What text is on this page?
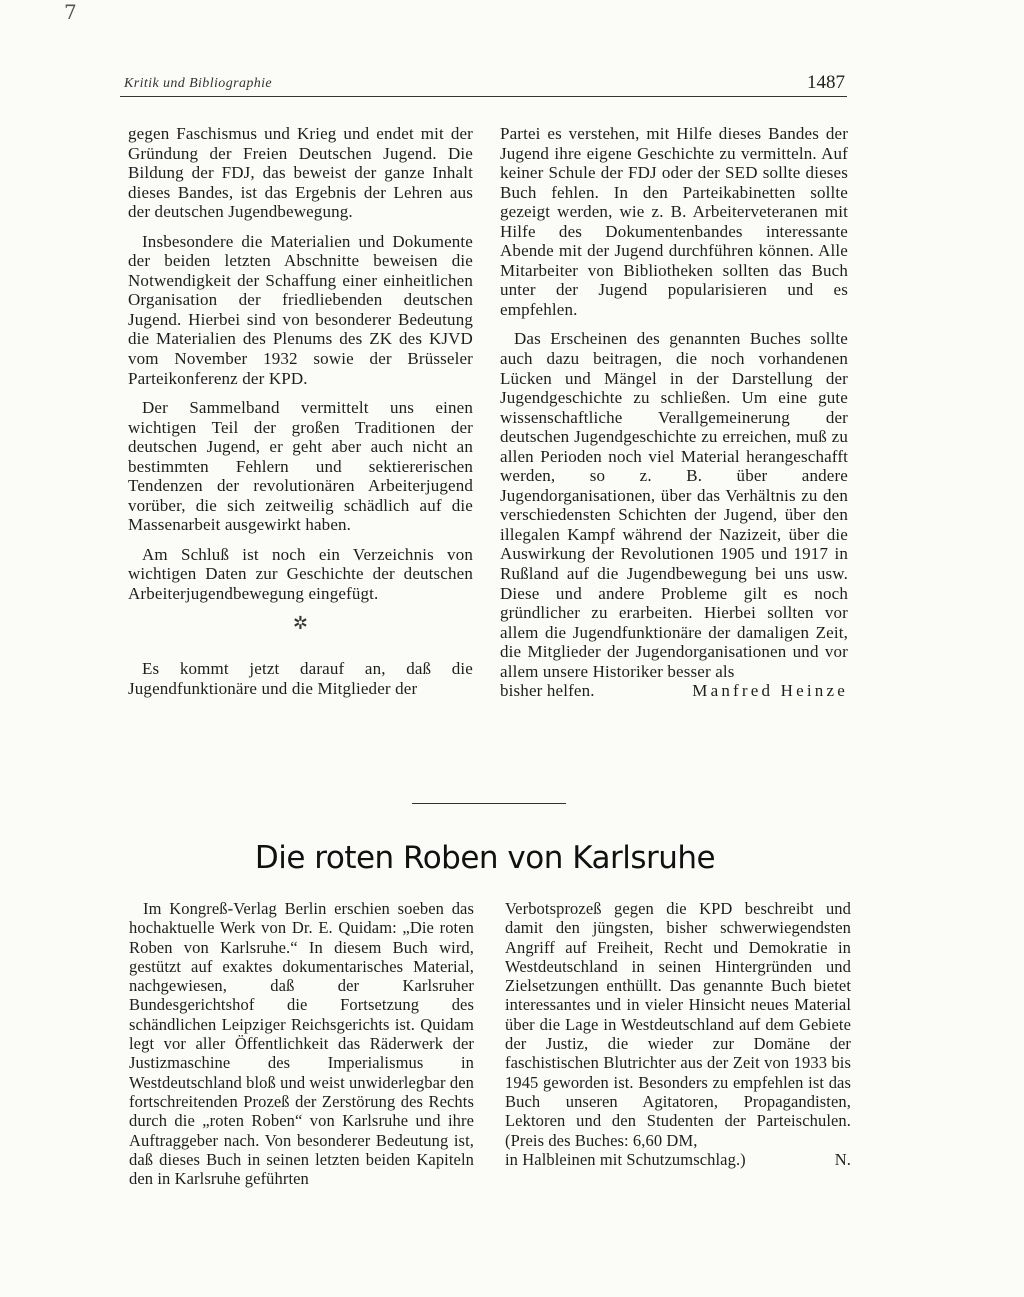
7
Kritik und Bibliographie	1487

gegen Faschismus und Krieg und endet mit der Gründung der Freien Deutschen Jugend. Die Bildung der FDJ, das beweist der ganze Inhalt dieses Bandes, ist das Ergebnis der Lehren aus der deutschen Jugendbewegung.

Insbesondere die Materialien und Dokumente der beiden letzten Abschnitte beweisen die Notwendigkeit der Schaffung einer einheitlichen Organisation der friedliebenden deutschen Jugend. Hierbei sind von besonderer Bedeutung die Materialien des Plenums des ZK des KJVD vom November 1932 sowie der Brüsseler Parteikonferenz der KPD.

Der Sammelband vermittelt uns einen wichtigen Teil der großen Traditionen der deutschen Jugend, er geht aber auch nicht an bestimmten Fehlern und sektiererischen Tendenzen der revolutionären Arbeiterjugend vorüber, die sich zeitweilig schädlich auf die Massenarbeit ausgewirkt haben.

Am Schluß ist noch ein Verzeichnis von wichtigen Daten zur Geschichte der deutschen Arbeiterjugendbewegung eingefügt.

✲

Es kommt jetzt darauf an, daß die Jugendfunktionäre und die Mitglieder der

Partei es verstehen, mit Hilfe dieses Bandes der Jugend ihre eigene Geschichte zu vermitteln. Auf keiner Schule der FDJ oder der SED sollte dieses Buch fehlen. In den Parteikabinetten sollte gezeigt werden, wie z. B. Arbeiterveteranen mit Hilfe des Dokumentenbandes interessante Abende mit der Jugend durchführen können. Alle Mitarbeiter von Bibliotheken sollten das Buch unter der Jugend popularisieren und es empfehlen.

Das Erscheinen des genannten Buches sollte auch dazu beitragen, die noch vorhandenen Lücken und Mängel in der Darstellung der Jugendgeschichte zu schließen. Um eine gute wissenschaftliche Verallgemeinerung der deutschen Jugendgeschichte zu erreichen, muß zu allen Perioden noch viel Material herangeschafft werden, so z. B. über andere Jugendorganisationen, über das Verhältnis zu den verschiedensten Schichten der Jugend, über den illegalen Kampf während der Nazizeit, über die Auswirkung der Revolutionen 1905 und 1917 in Rußland auf die Jugendbewegung bei uns usw. Diese und andere Probleme gilt es noch gründlicher zu erarbeiten. Hierbei sollten vor allem die Jugendfunktionäre der damaligen Zeit, die Mitglieder der Jugendorganisationen und vor allem unsere Historiker besser als

bisher helfen.	Manfred Heinze
Die roten Roben von Karlsruhe

Im Kongreß-Verlag Berlin erschien soeben das hochaktuelle Werk von Dr. E. Quidam: „Die roten Roben von Karlsruhe.“ In diesem Buch wird, gestützt auf exaktes dokumentarisches Material, nachgewiesen, daß der Karlsruher Bundesgerichtshof die Fortsetzung des schändlichen Leipziger Reichsgerichts ist. Quidam legt vor aller Öffentlichkeit das Räderwerk der Justizmaschine des Imperialismus in Westdeutschland bloß und weist unwiderlegbar den fortschreitenden Prozeß der Zerstörung des Rechts durch die „roten Roben“ von Karlsruhe und ihre Auftraggeber nach. Von besonderer Bedeutung ist, daß dieses Buch in seinen letzten beiden Kapiteln den in Karlsruhe geführten

Verbotsprozeß gegen die KPD beschreibt und damit den jüngsten, bisher schwerwiegendsten Angriff auf Freiheit, Recht und Demokratie in Westdeutschland in seinen Hintergründen und Zielsetzungen enthüllt. Das genannte Buch bietet interessantes und in vieler Hinsicht neues Material über die Lage in Westdeutschland auf dem Gebiete der Justiz, die wieder zur Domäne der faschistischen Blutrichter aus der Zeit von 1933 bis 1945 geworden ist. Besonders zu empfehlen ist das Buch unseren Agitatoren, Propagandisten, Lektoren und den Studenten der Parteischulen. (Preis des Buches: 6,60 DM,

in Halbleinen mit Schutzumschlag.)	N.
